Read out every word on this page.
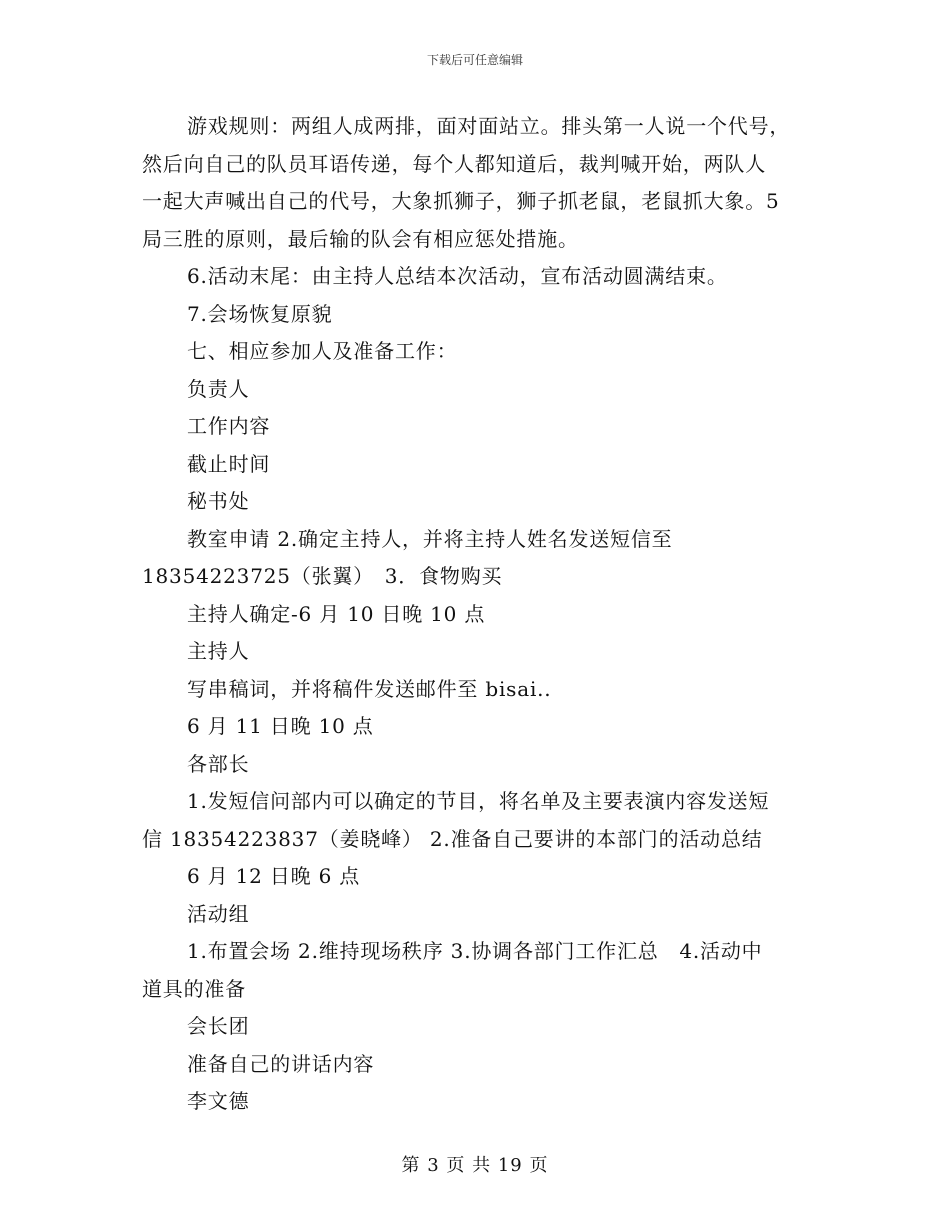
下载后可任意编辑

游戏规则：两组人成两排，面对面站立。排头第一人说一个代号，

然后向自己的队员耳语传递，每个人都知道后，裁判喊开始，两队人

一起大声喊出自己的代号，大象抓狮子，狮子抓老鼠，老鼠抓大象。5

局三胜的原则，最后输的队会有相应惩处措施。

6.活动末尾：由主持人总结本次活动，宣布活动圆满结束。

7.会场恢复原貌

七、相应参加人及准备工作：

负责人

工作内容

截止时间

秘书处

教室申请 2.确定主持人，并将主持人姓名发送短信至

18354223725（张翼）　3．食物购买

主持人确定-6 月 10 日晚 10 点

主持人

写串稿词，并将稿件发送邮件至 bisai..

6 月 11 日晚 10 点

各部长

1.发短信问部内可以确定的节目，将名单及主要表演内容发送短

信 18354223837（姜晓峰） 2.准备自己要讲的本部门的活动总结

6 月 12 日晚 6 点

活动组

1.布置会场 2.维持现场秩序 3.协调各部门工作汇总　4.活动中

道具的准备

会长团

准备自己的讲话内容

李文德

第 3 页 共 19 页
